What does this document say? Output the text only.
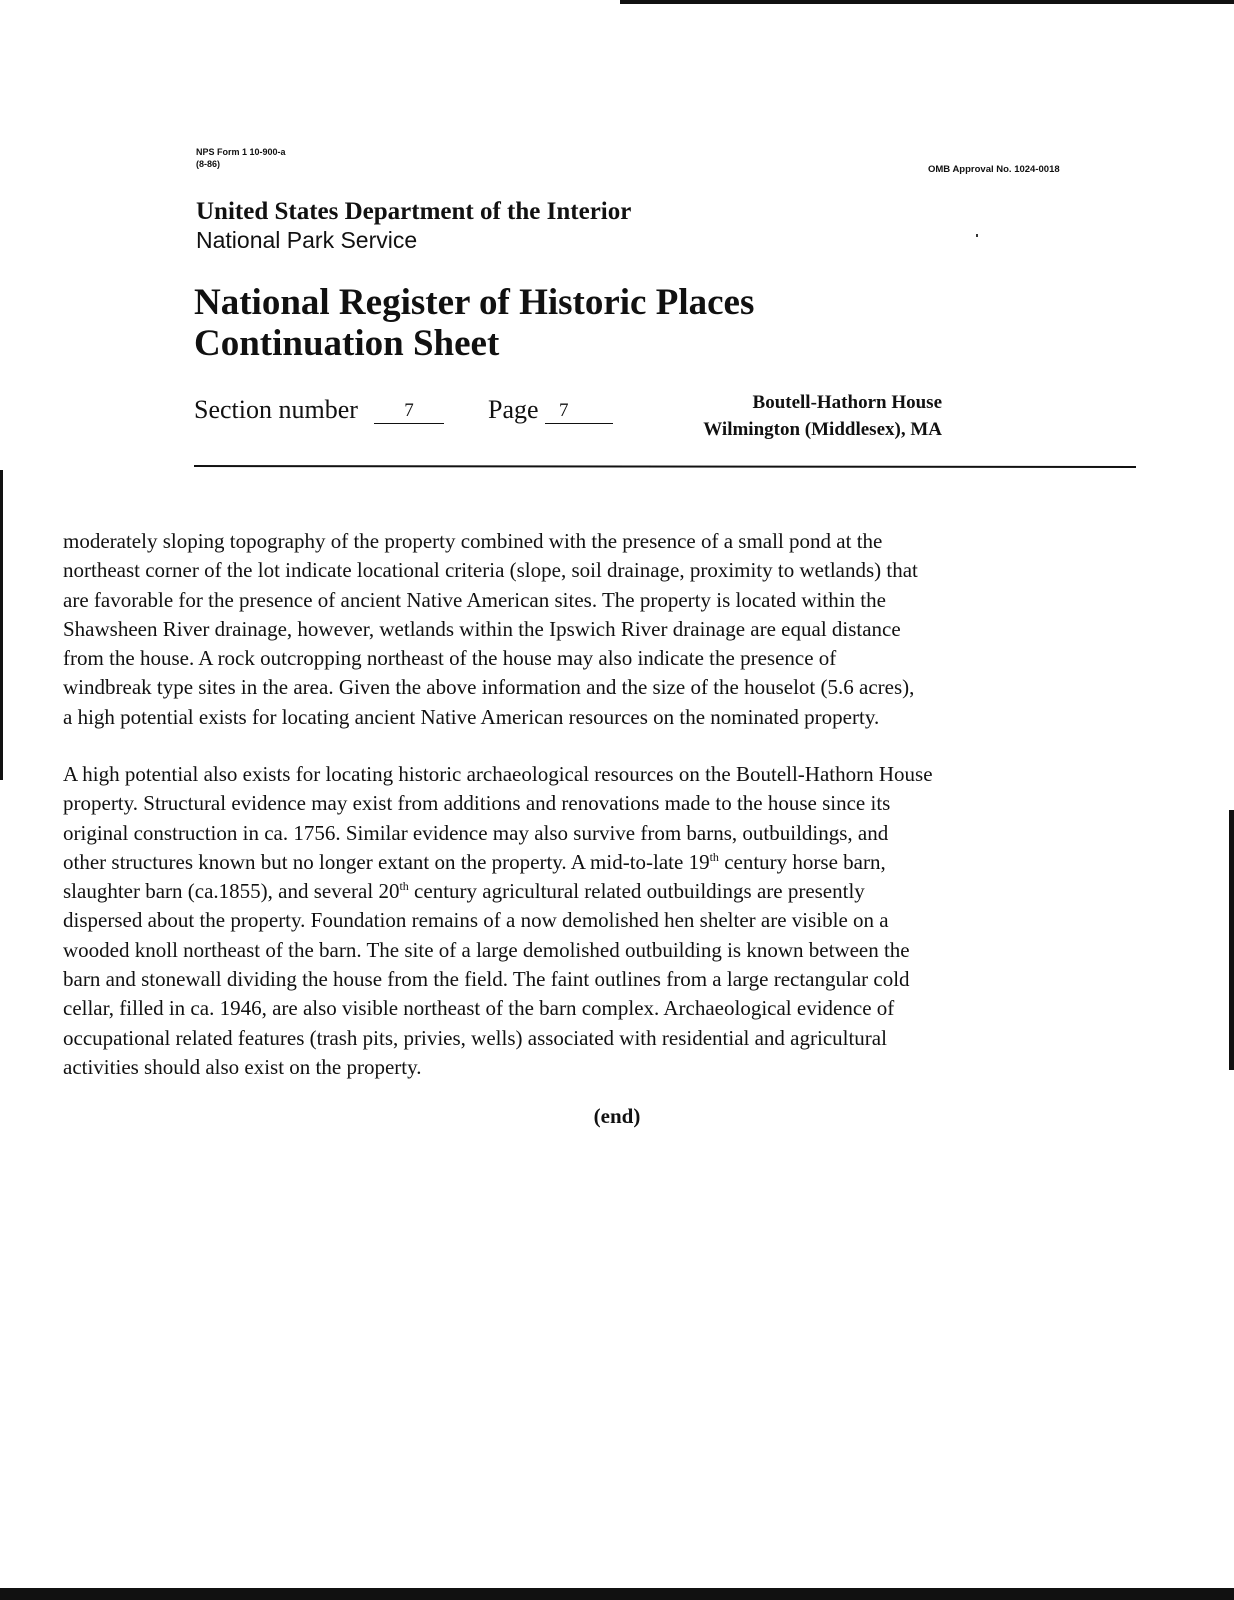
NPS Form 1 10-900-a
(8-86)	OMB Approval No. 1024-0018
United States Department of the Interior
National Park Service
National Register of Historic Places
Continuation Sheet
Section number	7	Page	7	Boutell-Hathorn House
Wilmington (Middlesex), MA
moderately sloping topography of the property combined with the presence of a small pond at the
northeast corner of the lot indicate locational criteria (slope, soil drainage, proximity to wetlands) that
are favorable for the presence of ancient Native American sites. The property is located within the
Shawsheen River drainage, however, wetlands within the Ipswich River drainage are equal distance
from the house. A rock outcropping northeast of the house may also indicate the presence of
windbreak type sites in the area. Given the above information and the size of the houselot (5.6 acres),
a high potential exists for locating ancient Native American resources on the nominated property.
A high potential also exists for locating historic archaeological resources on the Boutell-Hathorn House
property. Structural evidence may exist from additions and renovations made to the house since its
original construction in ca. 1756. Similar evidence may also survive from barns, outbuildings, and
other structures known but no longer extant on the property. A mid-to-late 19th century horse barn,
slaughter barn (ca.1855), and several 20th century agricultural related outbuildings are presently
dispersed about the property. Foundation remains of a now demolished hen shelter are visible on a
wooded knoll northeast of the barn. The site of a large demolished outbuilding is known between the
barn and stonewall dividing the house from the field. The faint outlines from a large rectangular cold
cellar, filled in ca. 1946, are also visible northeast of the barn complex. Archaeological evidence of
occupational related features (trash pits, privies, wells) associated with residential and agricultural
activities should also exist on the property.
(end)
